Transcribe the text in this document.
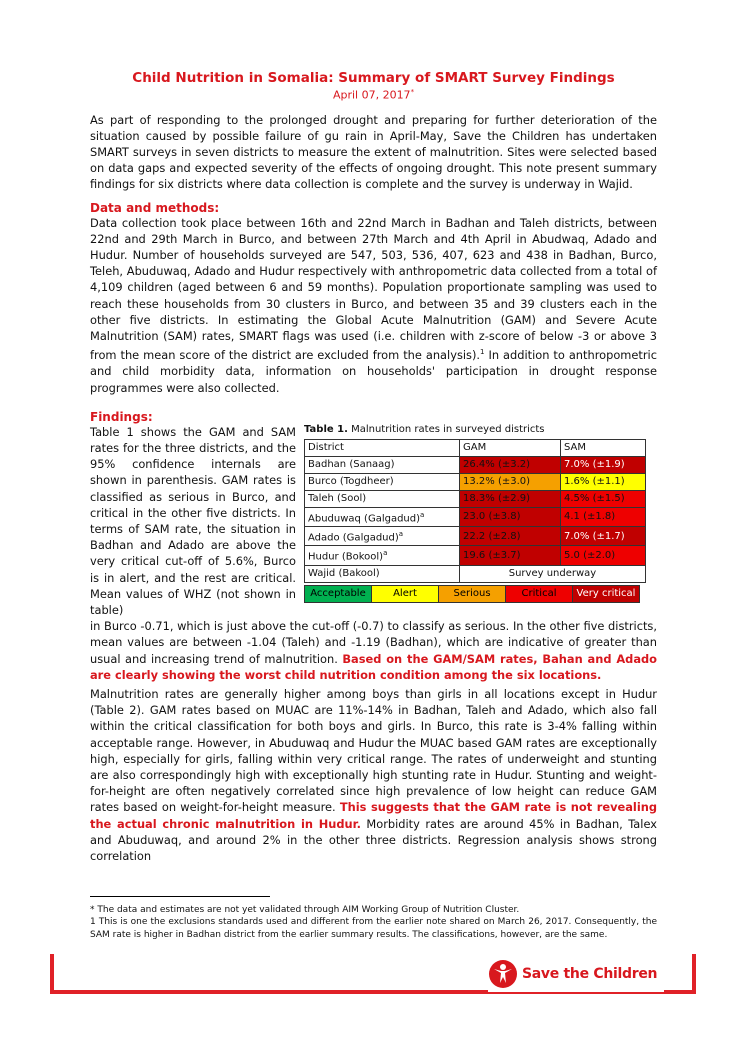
Child Nutrition in Somalia: Summary of SMART Survey Findings
April 07, 2017*

As part of responding to the prolonged drought and preparing for further deterioration of the situation caused by possible failure of gu rain in April-May, Save the Children has undertaken SMART surveys in seven districts to measure the extent of malnutrition. Sites were selected based on data gaps and expected severity of the effects of ongoing drought. This note present summary findings for six districts where data collection is complete and the survey is underway in Wajid.

Data and methods:

Data collection took place between 16th and 22nd March in Badhan and Taleh districts, between 22nd and 29th March in Burco, and between 27th March and 4th April in Abudwaq, Adado and Hudur. Number of households surveyed are 547, 503, 536, 407, 623 and 438 in Badhan, Burco, Teleh, Abuduwaq, Adado and Hudur respectively with anthropometric data collected from a total of 4,109 children (aged between 6 and 59 months). Population proportionate sampling was used to reach these households from 30 clusters in Burco, and between 35 and 39 clusters each in the other five districts. In estimating the Global Acute Malnutrition (GAM) and Severe Acute Malnutrition (SAM) rates, SMART flags was used (i.e. children with z-score of below -3 or above 3 from the mean score of the district are excluded from the analysis).$^1$ In addition to anthropometric and child morbidity data, information on households' participation in drought response programmes were also collected.

Findings:

Table 1 shows the GAM and SAM rates for the three districts, and the 95% confidence internals are shown in parenthesis. GAM rates is classified as serious in Burco, and critical in the other five districts. In terms of SAM rate, the situation in Badhan and Adado are above the very critical cut-off of 5.6%, Burco is in alert, and the rest are critical. Mean values of WHZ (not shown in table)

Table 1. Malnutrition rates in surveyed districts
District	GAM	SAM
Badhan (Sanaag)	26.4% (±3.2)	7.0% (±1.9)
Burco (Togdheer)	13.2% (±3.0)	1.6% (±1.1)
Taleh (Sool)	18.3% (±2.9)	4.5% (±1.5)
Abuduwaq (Galgadud)$^a$	23.0 (±3.8)	4.1 (±1.8)
Adado (Galgadud)$^a$	22.2 (±2.8)	7.0% (±1.7)
Hudur (Bokool)$^a$	19.6 (±3.7)	5.0 (±2.0)
Wajid (Bakool)	Survey underway	
Acceptable	Alert	Serious	Critical	Very critical

in Burco -0.71, which is just above the cut-off (-0.7) to classify as serious. In the other five districts, mean values are between -1.04 (Taleh) and -1.19 (Badhan), which are indicative of greater than usual and increasing trend of malnutrition. Based on the GAM/SAM rates, Bahan and Adado are clearly showing the worst child nutrition condition among the six locations.

Malnutrition rates are generally higher among boys than girls in all locations except in Hudur (Table 2). GAM rates based on MUAC are 11%-14% in Badhan, Taleh and Adado, which also fall within the critical classification for both boys and girls. In Burco, this rate is 3-4% falling within acceptable range. However, in Abuduwaq and Hudur the MUAC based GAM rates are exceptionally high, especially for girls, falling within very critical range. The rates of underweight and stunting are also correspondingly high with exceptionally high stunting rate in Hudur. Stunting and weight-for-height are often negatively correlated since high prevalence of low height can reduce GAM rates based on weight-for-height measure. This suggests that the GAM rate is not revealing the actual chronic malnutrition in Hudur. Morbidity rates are around 45% in Badhan, Talex and Abuduwaq, and around 2% in the other three districts. Regression analysis shows strong correlation

* The data and estimates are not yet validated through AIM Working Group of Nutrition Cluster.

1 This is one the exclusions standards used and different from the earlier note shared on March 26, 2017. Consequently, the SAM rate is higher in Badhan district from the earlier summary results. The classifications, however, are the same.

Save the Children
